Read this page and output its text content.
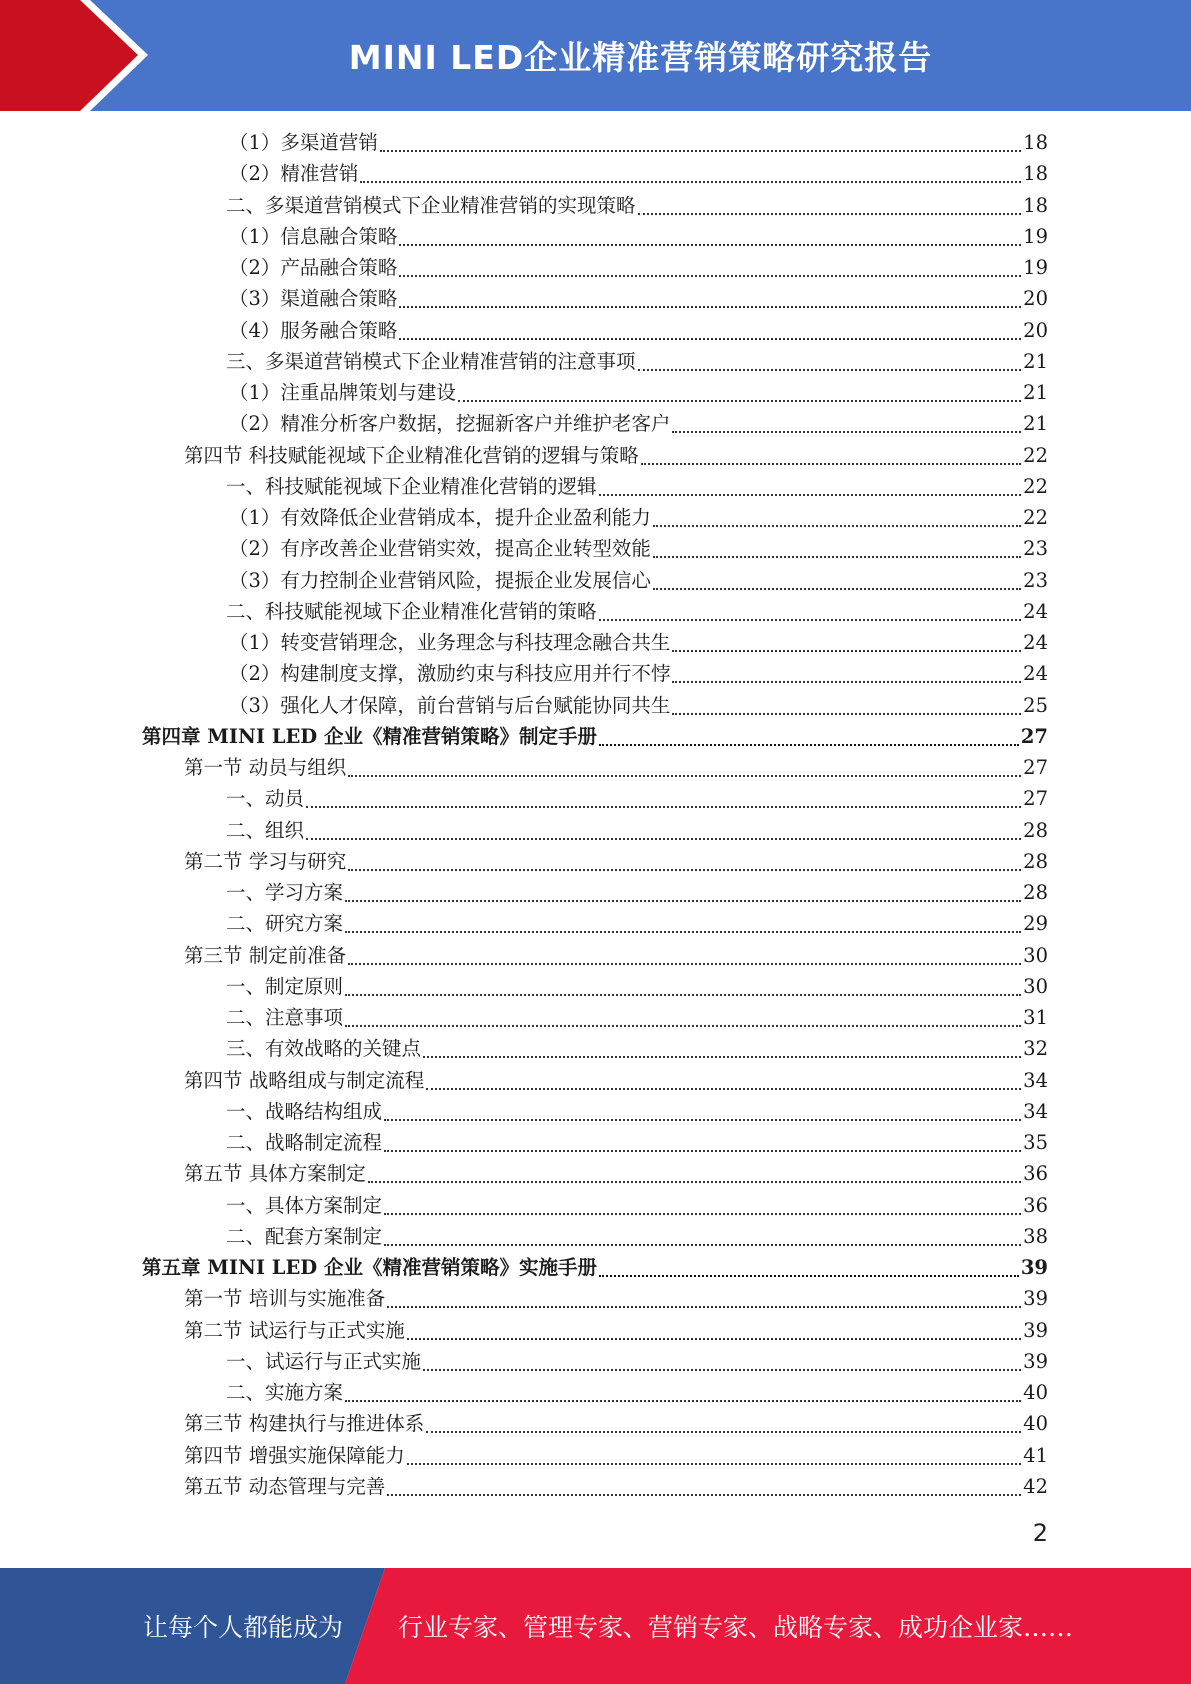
MINI LED企业精准营销策略研究报告
（1）多渠道营销	18
（2）精准营销	18
二、多渠道营销模式下企业精准营销的实现策略	18
（1）信息融合策略	19
（2）产品融合策略	19
（3）渠道融合策略	20
（4）服务融合策略	20
三、多渠道营销模式下企业精准营销的注意事项	21
（1）注重品牌策划与建设	21
（2）精准分析客户数据，挖掘新客户并维护老客户	21
第四节 科技赋能视域下企业精准化营销的逻辑与策略	22
一、科技赋能视域下企业精准化营销的逻辑	22
（1）有效降低企业营销成本，提升企业盈利能力	22
（2）有序改善企业营销实效，提高企业转型效能	23
（3）有力控制企业营销风险，提振企业发展信心	23
二、科技赋能视域下企业精准化营销的策略	24
（1）转变营销理念，业务理念与科技理念融合共生	24
（2）构建制度支撑，激励约束与科技应用并行不悖	24
（3）强化人才保障，前台营销与后台赋能协同共生	25
第四章 MINI LED 企业《精准营销策略》制定手册	27
第一节 动员与组织	27
一、动员	27
二、组织	28
第二节 学习与研究	28
一、学习方案	28
二、研究方案	29
第三节 制定前准备	30
一、制定原则	30
二、注意事项	31
三、有效战略的关键点	32
第四节 战略组成与制定流程	34
一、战略结构组成	34
二、战略制定流程	35
第五节 具体方案制定	36
一、具体方案制定	36
二、配套方案制定	38
第五章 MINI LED 企业《精准营销策略》实施手册	39
第一节 培训与实施准备	39
第二节 试运行与正式实施	39
一、试运行与正式实施	39
二、实施方案	40
第三节 构建执行与推进体系	40
第四节 增强实施保障能力	41
第五节 动态管理与完善	42
2
让每个人都能成为 行业专家、管理专家、营销专家、战略专家、成功企业家……
